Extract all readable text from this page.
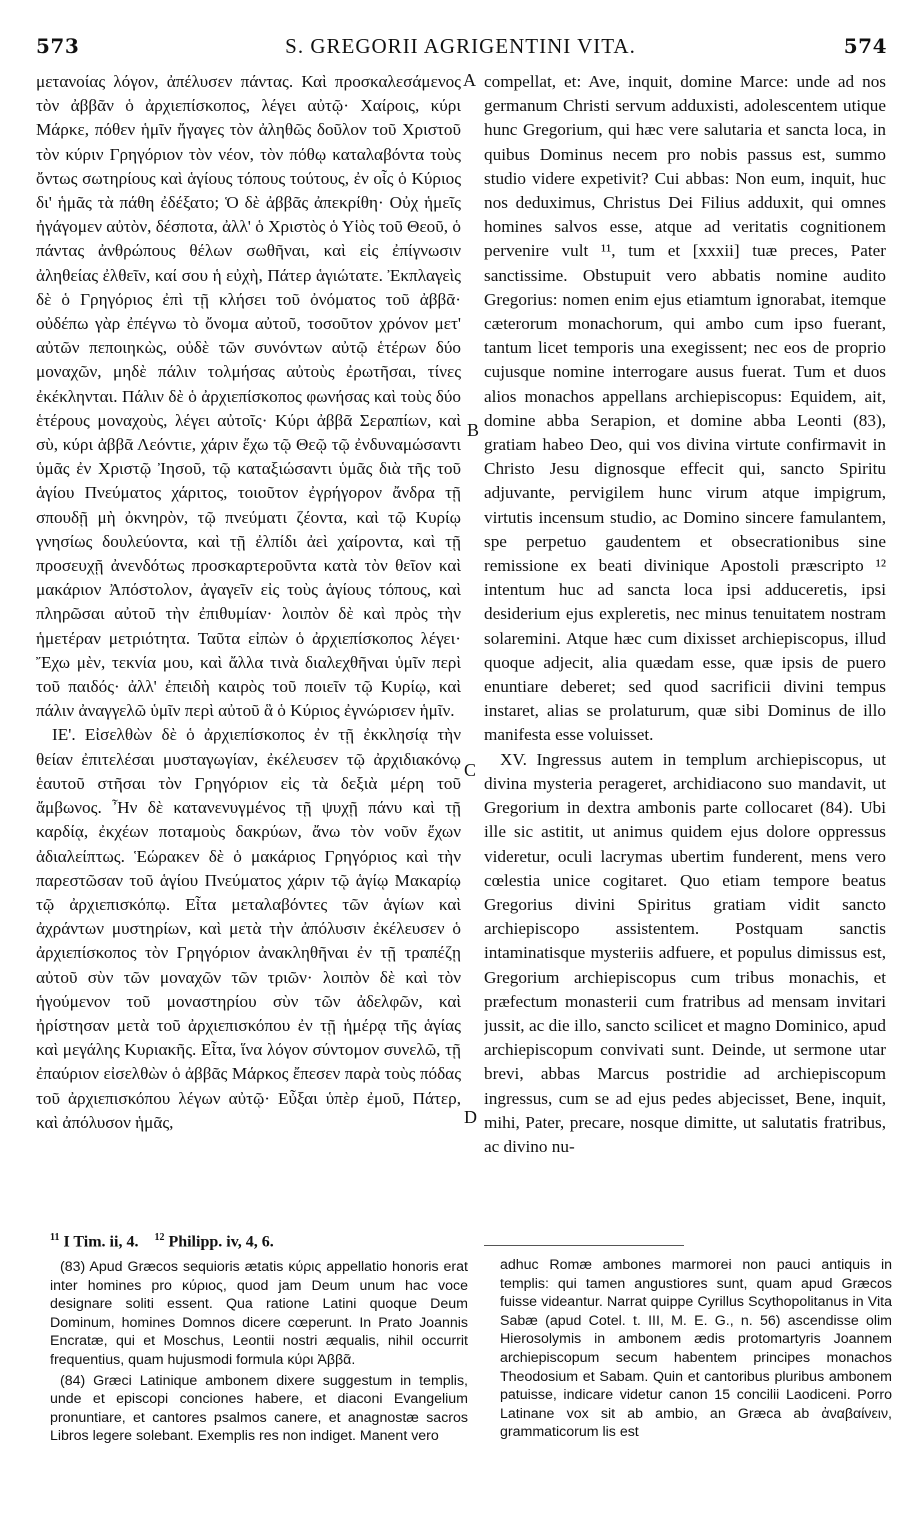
573	S. GREGORII AGRIGENTINI VITA.	574

μετανοίας λόγον, ἀπέλυσεν πάντας. Καὶ προσκαλεσάμενος τὸν ἀββᾶν ὁ ἀρχιεπίσκοπος, λέγει αὐτῷ· Χαίροις, κύρι Μάρκε, πόθεν ἡμῖν ἤγαγες τὸν ἀληθῶς δοῦλον τοῦ Χριστοῦ τὸν κύριν Γρηγόριον τὸν νέον, τὸν πόθῳ καταλαβόντα τοὺς ὄντως σωτηρίους καὶ ἁγίους τόπους τούτους, ἐν οἷς ὁ Κύριος δι' ἡμᾶς τὰ πάθη ἐδέξατο; Ὁ δὲ ἀββᾶς ἀπεκρίθη· Οὐχ ἡμεῖς ἠγάγομεν αὐτὸν, δέσποτα, ἀλλ' ὁ Χριστὸς ὁ Υἱὸς τοῦ Θεοῦ, ὁ πάντας ἀνθρώπους θέλων σωθῆναι, καὶ εἰς ἐπίγνωσιν ἀληθείας ἐλθεῖν, καί σου ἡ εὐχὴ, Πάτερ ἁγιώτατε. Ἐκπλαγεὶς δὲ ὁ Γρηγόριος ἐπὶ τῇ κλήσει τοῦ ὀνόματος τοῦ ἀββᾶ· οὐδέπω γὰρ ἐπέγνω τὸ ὄνομα αὐτοῦ, τοσοῦτον χρόνον μετ' αὐτῶν πεποιηκὼς, οὐδὲ τῶν συνόντων αὐτῷ ἑτέρων δύο μοναχῶν, μηδὲ πάλιν τολμήσας αὐτοὺς ἐρωτῆσαι, τίνες ἐκέκληνται. Πάλιν δὲ ὁ ἀρχιεπίσκοπος φωνήσας καὶ τοὺς δύο ἑτέρους μοναχοὺς, λέγει αὐτοῖς· Κύρι ἀββᾶ Σεραπίων, καὶ σὺ, κύρι ἀββᾶ Λεόντιε, χάριν ἔχω τῷ Θεῷ τῷ ἐνδυναμώσαντι ὑμᾶς ἐν Χριστῷ Ἰησοῦ, τῷ καταξιώσαντι ὑμᾶς διὰ τῆς τοῦ ἁγίου Πνεύματος χάριτος, τοιοῦτον ἐγρήγορον ἄνδρα τῇ σπουδῇ μὴ ὀκνηρὸν, τῷ πνεύματι ζέοντα, καὶ τῷ Κυρίῳ γνησίως δουλεύοντα, καὶ τῇ ἐλπίδι ἀεὶ χαίροντα, καὶ τῇ προσευχῇ ἀνενδότως προσκαρτεροῦντα κατὰ τὸν θεῖον καὶ μακάριον Ἀπόστολον, ἀγαγεῖν εἰς τοὺς ἁγίους τόπους, καὶ πληρῶσαι αὐτοῦ τὴν ἐπιθυμίαν· λοιπὸν δὲ καὶ πρὸς τὴν ἡμετέραν μετριότητα. Ταῦτα εἰπὼν ὁ ἀρχιεπίσκοπος λέγει· Ἔχω μὲν, τεκνία μου, καὶ ἄλλα τινὰ διαλεχθῆναι ὑμῖν περὶ τοῦ παιδός· ἀλλ' ἐπειδὴ καιρὸς τοῦ ποιεῖν τῷ Κυρίῳ, καὶ πάλιν ἀναγγελῶ ὑμῖν περὶ αὐτοῦ ἃ ὁ Κύριος ἐγνώρισεν ἡμῖν.

ΙΕ'. Εἰσελθὼν δὲ ὁ ἀρχιεπίσκοπος ἐν τῇ ἐκκλησίᾳ τὴν θείαν ἐπιτελέσαι μυσταγωγίαν, ἐκέλευσεν τῷ ἀρχιδιακόνῳ ἑαυτοῦ στῆσαι τὸν Γρηγόριον εἰς τὰ δεξιὰ μέρη τοῦ ἄμβωνος. Ἦν δὲ κατανενυγμένος τῇ ψυχῇ πάνυ καὶ τῇ καρδίᾳ, ἐκχέων ποταμοὺς δακρύων, ἄνω τὸν νοῦν ἔχων ἀδιαλείπτως. Ἑώρακεν δὲ ὁ μακάριος Γρηγόριος καὶ τὴν παρεστῶσαν τοῦ ἁγίου Πνεύματος χάριν τῷ ἁγίῳ Μακαρίῳ τῷ ἀρχιεπισκόπῳ. Εἶτα μεταλαβόντες τῶν ἁγίων καὶ ἀχράντων μυστηρίων, καὶ μετὰ τὴν ἀπόλυσιν ἐκέλευσεν ὁ ἀρχιεπίσκοπος τὸν Γρηγόριον ἀνακληθῆναι ἐν τῇ τραπέζῃ αὐτοῦ σὺν τῶν μοναχῶν τῶν τριῶν· λοιπὸν δὲ καὶ τὸν ἡγούμενον τοῦ μοναστηρίου σὺν τῶν ἀδελφῶν, καὶ ἠρίστησαν μετὰ τοῦ ἀρχιεπισκόπου ἐν τῇ ἡμέρᾳ τῆς ἁγίας καὶ μεγάλης Κυριακῆς. Εἶτα, ἵνα λόγον σύντομον συνελῶ, τῇ ἐπαύριον εἰσελθὼν ὁ ἀββᾶς Μάρκος ἔπεσεν παρὰ τοὺς πόδας τοῦ ἀρχιεπισκόπου λέγων αὐτῷ· Εὖξαι ὑπὲρ ἐμοῦ, Πάτερ, καὶ ἀπόλυσον ἡμᾶς,

A
B
C
D

compellat, et: Ave, inquit, domine Marce: unde ad nos germanum Christi servum adduxisti, adolescentem utique hunc Gregorium, qui hæc vere salutaria et sancta loca, in quibus Dominus necem pro nobis passus est, summo studio videre expetivit? Cui abbas: Non eum, inquit, huc nos deduximus, Christus Dei Filius adduxit, qui omnes homines salvos esse, atque ad veritatis cognitionem pervenire vult ¹¹, tum et [xxxii] tuæ preces, Pater sanctissime. Obstupuit vero abbatis nomine audito Gregorius: nomen enim ejus etiamtum ignorabat, itemque cæterorum monachorum, qui ambo cum ipso fuerant, tantum licet temporis una exegissent; nec eos de proprio cujusque nomine interrogare ausus fuerat. Tum et duos alios monachos appellans archiepiscopus: Equidem, ait, domine abba Serapion, et domine abba Leonti (83), gratiam habeo Deo, qui vos divina virtute confirmavit in Christo Jesu dignosque effecit qui, sancto Spiritu adjuvante, pervigilem hunc virum atque impigrum, virtutis incensum studio, ac Domino sincere famulantem, spe perpetuo gaudentem et obsecrationibus sine remissione ex beati divinique Apostoli præscripto ¹² intentum huc ad sancta loca ipsi adduceretis, ipsi desiderium ejus expleretis, nec minus tenuitatem nostram solaremini. Atque hæc cum dixisset archiepiscopus, illud quoque adjecit, alia quædam esse, quæ ipsis de puero enuntiare deberet; sed quod sacrificii divini tempus instaret, alias se prolaturum, quæ sibi Dominus de illo manifesta esse voluisset.

XV. Ingressus autem in templum archiepiscopus, ut divina mysteria perageret, archidiacono suo mandavit, ut Gregorium in dextra ambonis parte collocaret (84). Ubi ille sic astitit, ut animus quidem ejus dolore oppressus videretur, oculi lacrymas ubertim funderent, mens vero cœlestia unice cogitaret. Quo etiam tempore beatus Gregorius divini Spiritus gratiam vidit sancto archiepiscopo assistentem. Postquam sanctis intaminatisque mysteriis adfuere, et populus dimissus est, Gregorium archiepiscopus cum tribus monachis, et præfectum monasterii cum fratribus ad mensam invitari jussit, ac die illo, sancto scilicet et magno Dominico, apud archiepiscopum convivati sunt. Deinde, ut sermone utar brevi, abbas Marcus postridie ad archiepiscopum ingressus, cum se ad ejus pedes abjecisset, Bene, inquit, mihi, Pater, precare, nosque dimitte, ut salutatis fratribus, ac divino nu-

$^{11}$ I Tim. ii, 4. $^{12}$ Philipp. iv, 4, 6.

(83) Apud Græcos sequioris ætatis κύρις appellatio honoris erat inter homines pro κύριος, quod jam Deum unum hac voce designare soliti essent. Qua ratione Latini quoque Deum Dominum, homines Domnos dicere cœperunt. In Prato Joannis Encratæ, qui et Moschus, Leontii nostri æqualis, nihil occurrit frequentius, quam hujusmodi formula κύρι Ἀββᾶ.

(84) Græci Latinique ambonem dixere suggestum in templis, unde et episcopi conciones habere, et diaconi Evangelium pronuntiare, et cantores psalmos canere, et anagnostæ sacros Libros legere solebant. Exemplis res non indiget. Manent vero

adhuc Romæ ambones marmorei non pauci antiquis in templis: qui tamen angustiores sunt, quam apud Græcos fuisse videantur. Narrat quippe Cyrillus Scythopolitanus in Vita Sabæ (apud Cotel. t. III, M. E. G., n. 56) ascendisse olim Hierosolymis in ambonem ædis protomartyris Joannem archiepiscopum secum habentem principes monachos Theodosium et Sabam. Quin et cantoribus pluribus ambonem patuisse, indicare videtur canon 15 concilii Laodiceni. Porro Latinane vox sit ab ambio, an Græca ab ἀναβαίνειν, grammaticorum lis est
